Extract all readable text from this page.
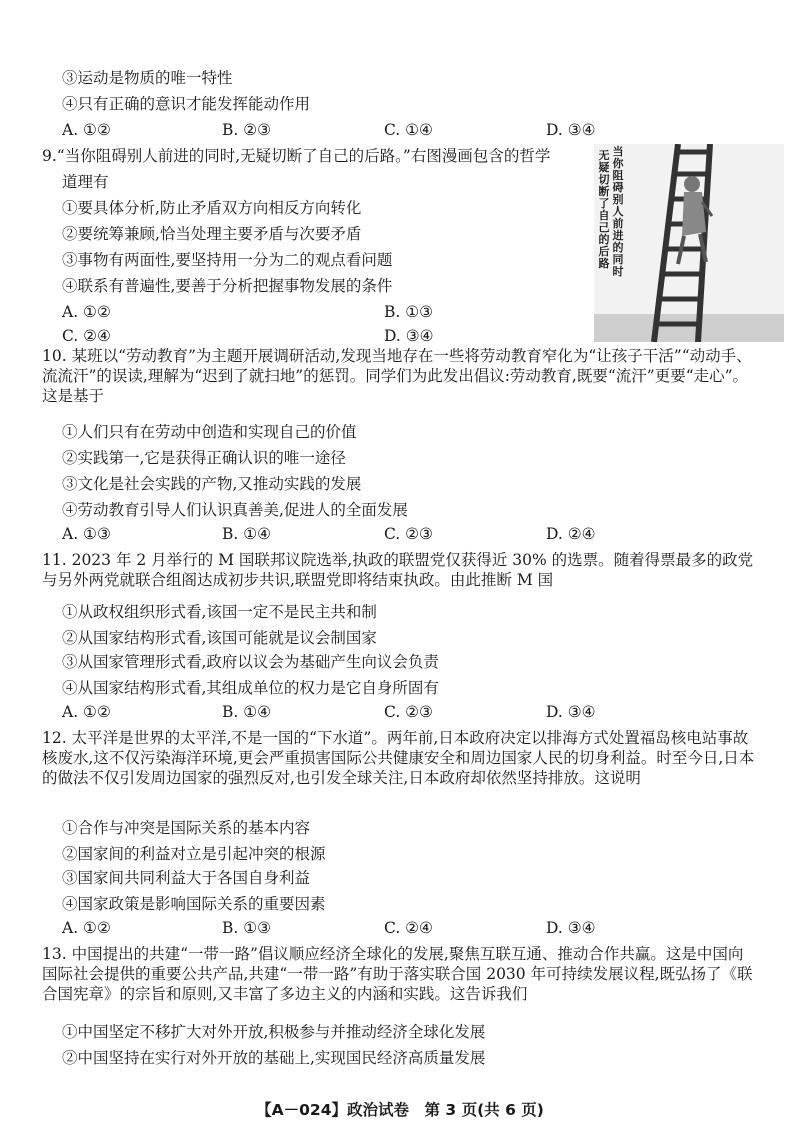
③运动是物质的唯一特性
④只有正确的意识才能发挥能动作用
A. ①②	B. ②③	C. ①④	D. ③④
9.“当你阻碍别人前进的同时,无疑切断了自己的后路。”右图漫画包含的哲学
道理有
①要具体分析,防止矛盾双方向相反方向转化
②要统筹兼顾,恰当处理主要矛盾与次要矛盾
③事物有两面性,要坚持用一分为二的观点看问题
④联系有普遍性,要善于分析把握事物发展的条件
A. ①②	B. ①③
C. ②④	D. ③④
无疑切断了自己的后路
当你阻碍别人前进的同时
10. 某班以“劳动教育”为主题开展调研活动,发现当地存在一些将劳动教育窄化为“让孩子干活”“动动手、流流汗”的误读,理解为“迟到了就扫地”的惩罚。同学们为此发出倡议:劳动教育,既要“流汗”更要“走心”。这是基于
①人们只有在劳动中创造和实现自己的价值
②实践第一,它是获得正确认识的唯一途径
③文化是社会实践的产物,又推动实践的发展
④劳动教育引导人们认识真善美,促进人的全面发展
A. ①③	B. ①④	C. ②③	D. ②④
11. 2023 年 2 月举行的 M 国联邦议院选举,执政的联盟党仅获得近 30% 的选票。随着得票最多的政党与另外两党就联合组阁达成初步共识,联盟党即将结束执政。由此推断 M 国
①从政权组织形式看,该国一定不是民主共和制
②从国家结构形式看,该国可能就是议会制国家
③从国家管理形式看,政府以议会为基础产生向议会负责
④从国家结构形式看,其组成单位的权力是它自身所固有
A. ①②	B. ①④	C. ②③	D. ③④
12. 太平洋是世界的太平洋,不是一国的“下水道”。两年前,日本政府决定以排海方式处置福岛核电站事故核废水,这不仅污染海洋环境,更会严重损害国际公共健康安全和周边国家人民的切身利益。时至今日,日本的做法不仅引发周边国家的强烈反对,也引发全球关注,日本政府却依然坚持排放。这说明
①合作与冲突是国际关系的基本内容
②国家间的利益对立是引起冲突的根源
③国家间共同利益大于各国自身利益
④国家政策是影响国际关系的重要因素
A. ①②	B. ①③	C. ②④	D. ③④
13. 中国提出的共建“一带一路”倡议顺应经济全球化的发展,聚焦互联互通、推动合作共赢。这是中国向国际社会提供的重要公共产品,共建“一带一路”有助于落实联合国 2030 年可持续发展议程,既弘扬了《联合国宪章》的宗旨和原则,又丰富了多边主义的内涵和实践。这告诉我们
①中国坚定不移扩大对外开放,积极参与并推动经济全球化发展
②中国坚持在实行对外开放的基础上,实现国民经济高质量发展
【A－024】政治试卷　第 3 页(共 6 页)
